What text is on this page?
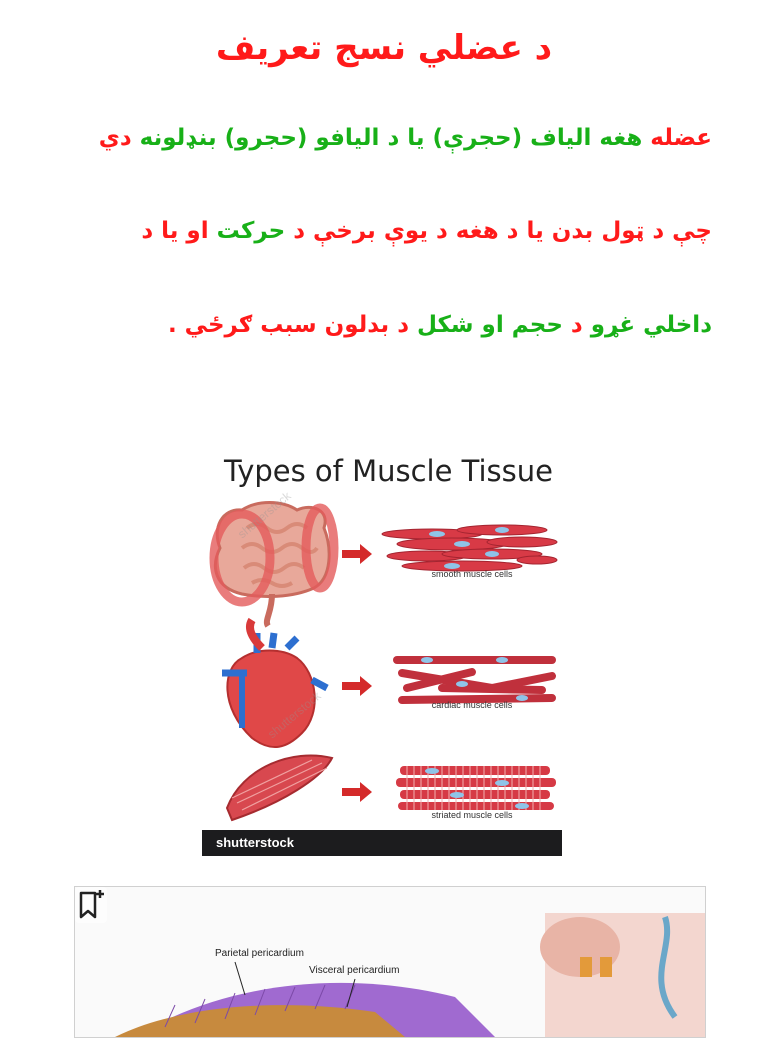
د عضلي نسج تعریف
عضله هغه الیاف (حجرې) یا د الیافو (حجرو) بنډلونه دي
چې د ټول بدن یا د هغه د یوې برخې د حرکت او یا د
داخلي غړو د حجم او شکل د بدلون سبب ګرځي .
Types of Muscle Tissue
shutterstock
shutterstock
smooth muscle cells
cardiac muscle cells
striated muscle cells
shutterstock
Parietal pericardium
Visceral pericardium
